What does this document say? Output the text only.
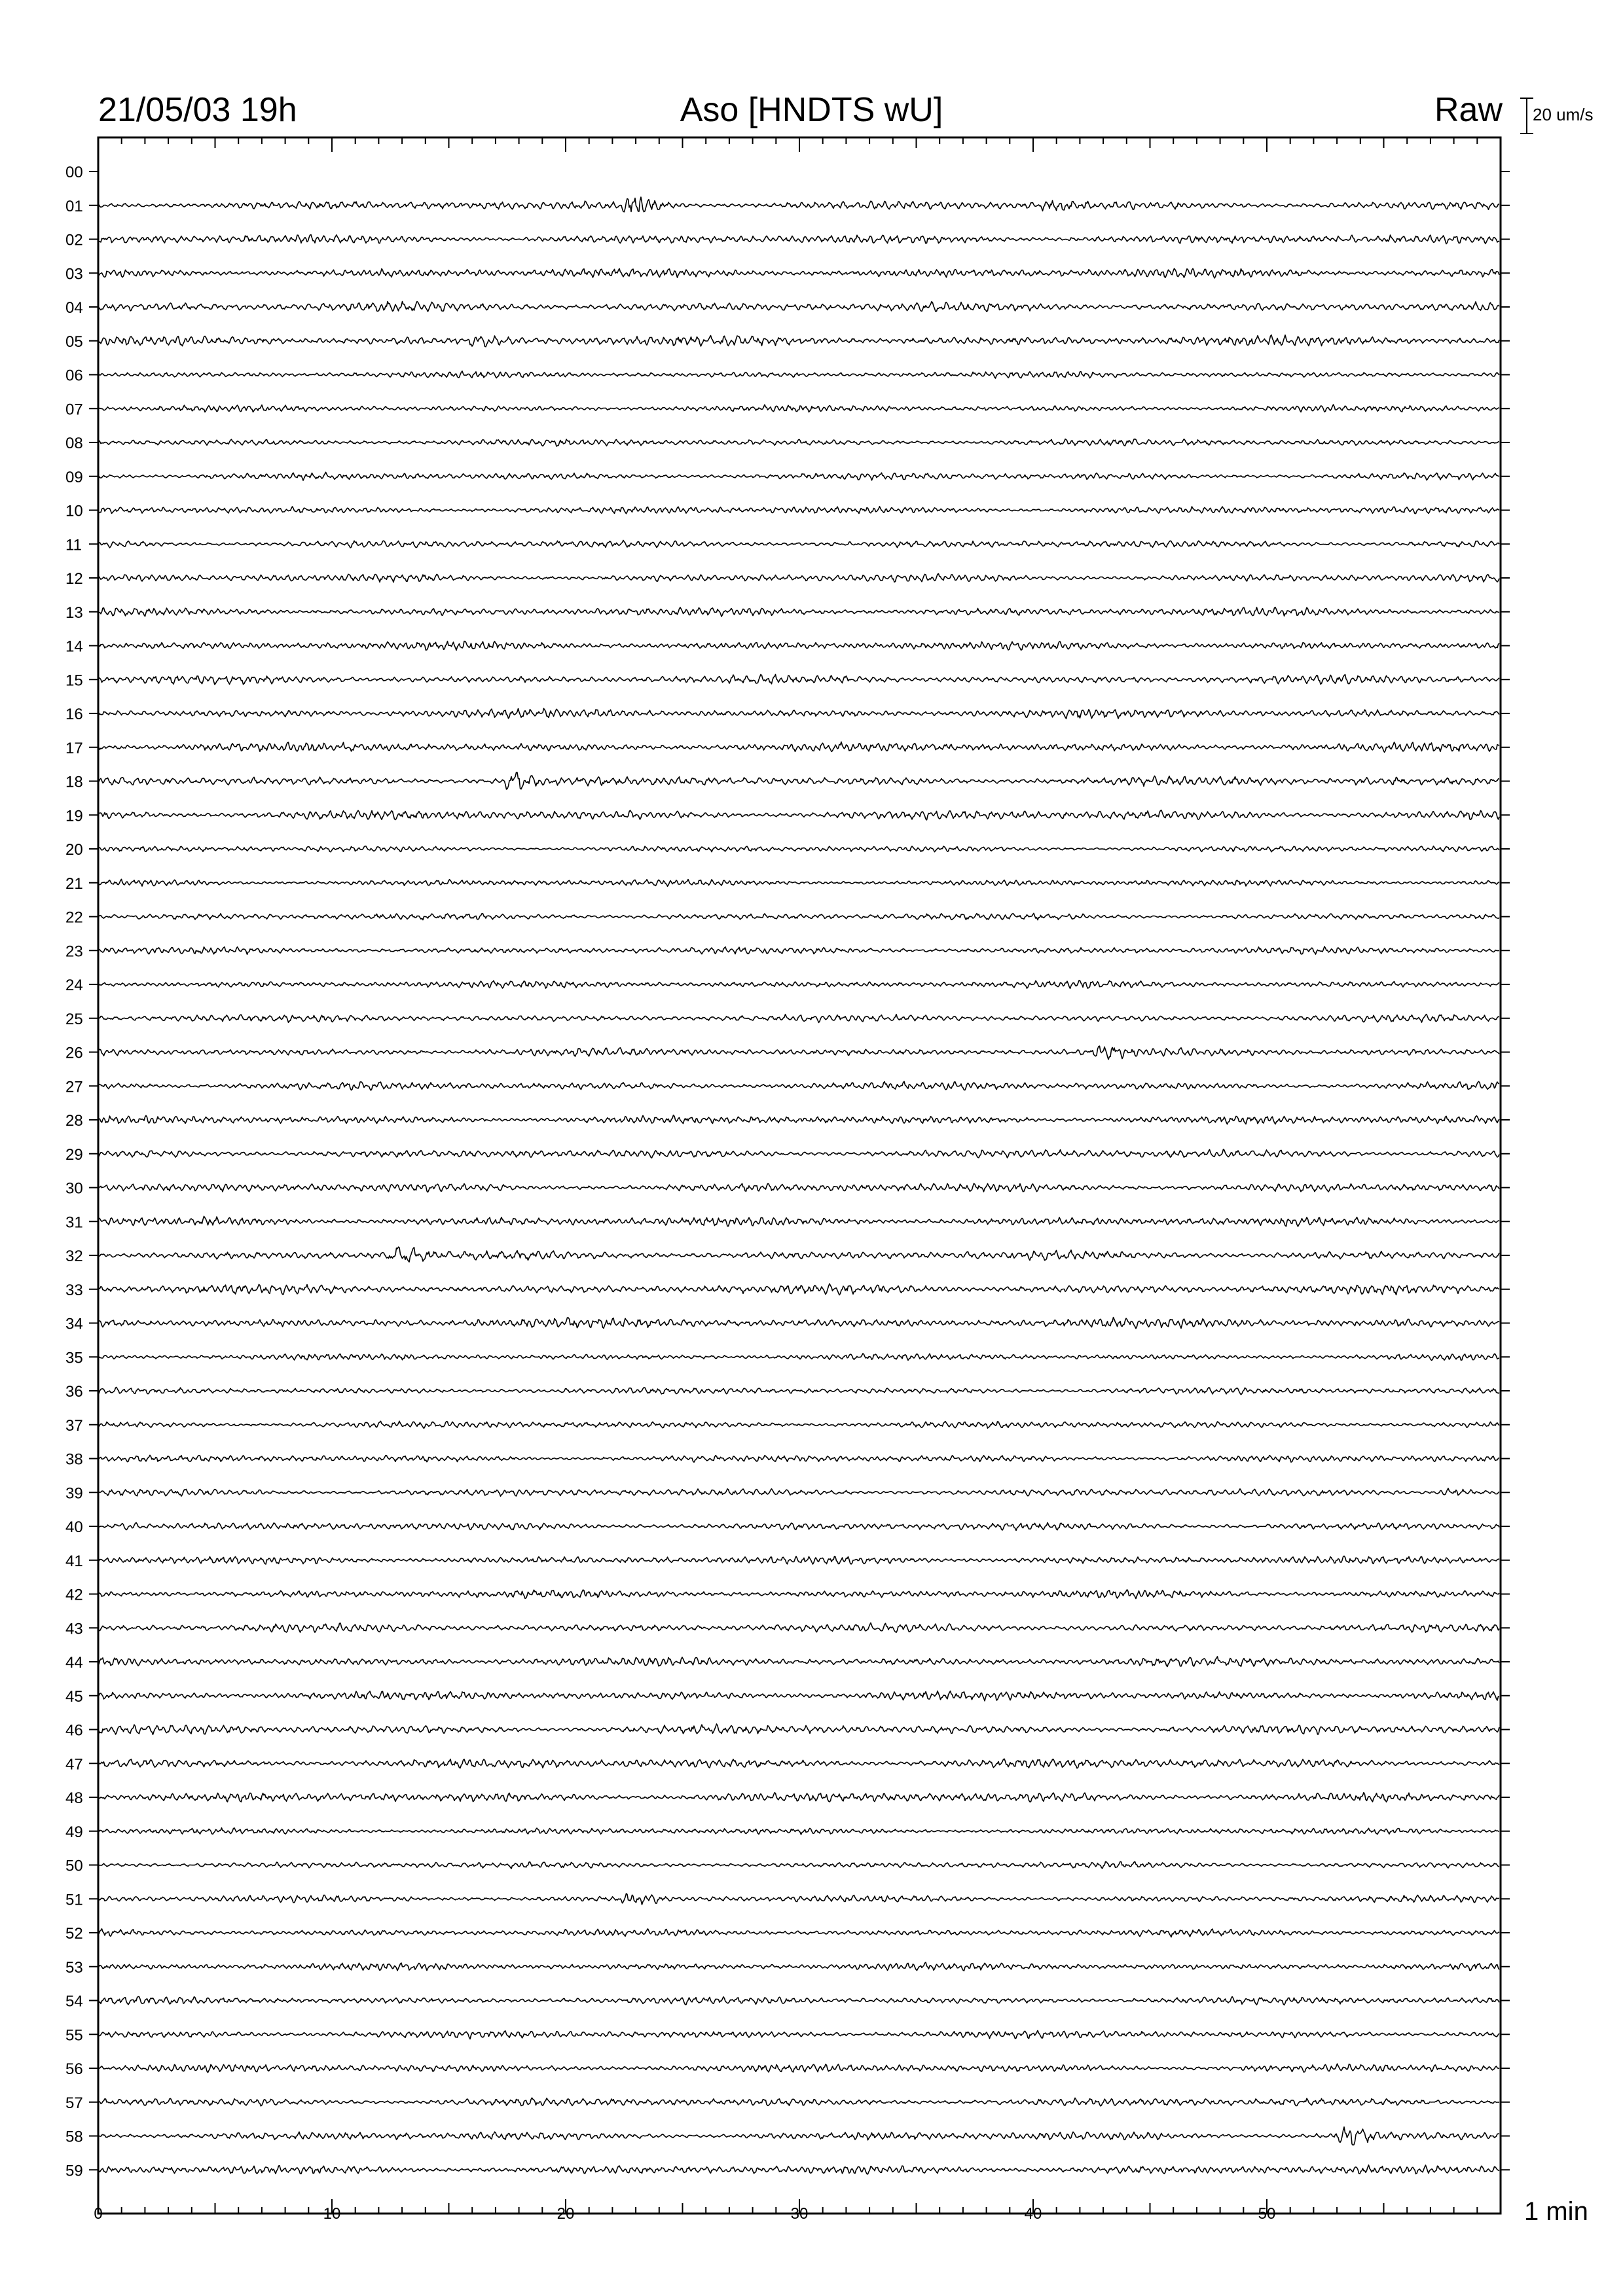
21/05/03 19h	Aso [HNDTS wU]	Raw 20 um/s
1 min
00
01
02
03
04
05
06
07
08
09
10
11
12
13
14
15
16
17
18
19
20
21
22
23
24
25
26
27
28
29
30
31
32
33
34
35
36
37
38
39
40
41
42
43
44
45
46
47
48
49
50
51
52
53
54
55
56
57
58
59
0	10	20	30	40	50
